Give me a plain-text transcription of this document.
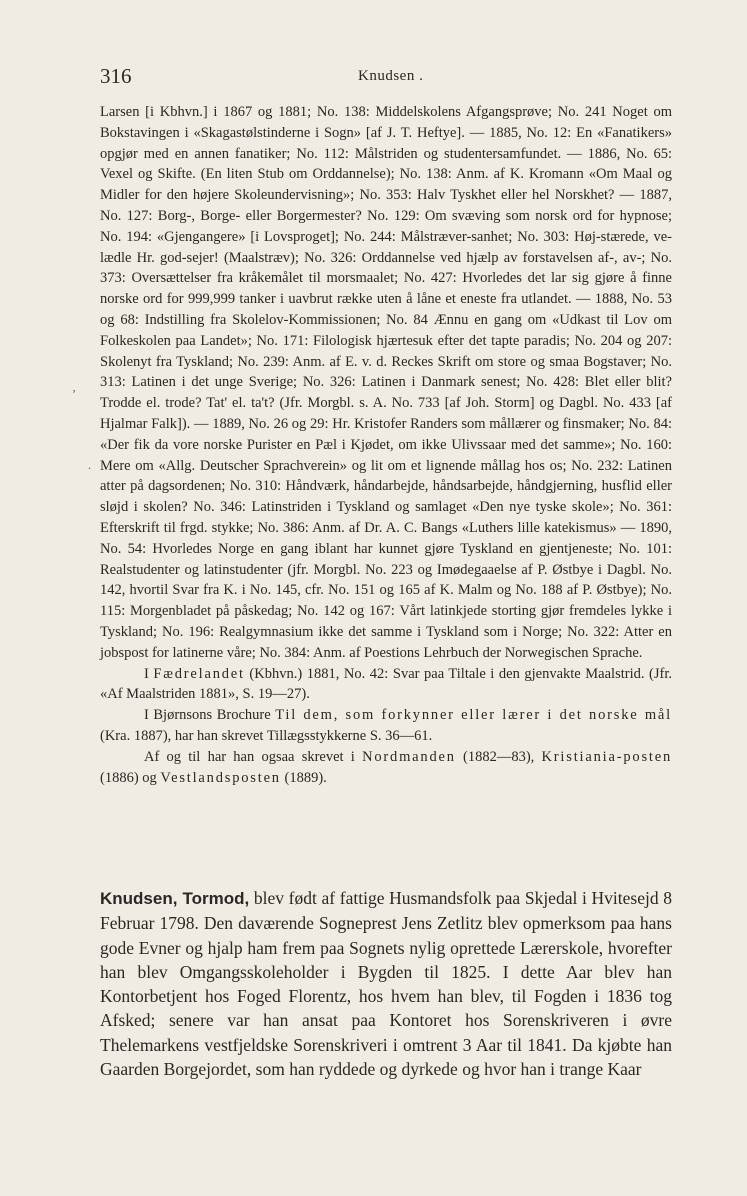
316	Knudsen .

Larsen [i Kbhvn.] i 1867 og 1881; No. 138: Middelskolens Afgangsprøve; No. 241 Noget om Bokstavingen i «Skagastølstinderne i Sogn» [af J. T. Heftye]. — 1885, No. 12: En «Fanatikers» opgjør med en annen fanatiker; No. 112: Målstriden og studentersamfundet. — 1886, No. 65: Vexel og Skifte. (En liten Stub om Orddannelse); No. 138: Anm. af K. Kromann «Om Maal og Midler for den højere Skoleundervisning»; No. 353: Halv Tyskhet eller hel Norskhet? — 1887, No. 127: Borg-, Borge- eller Borgermester? No. 129: Om svæving som norsk ord for hypnose; No. 194: «Gjengangere» [i Lovsproget]; No. 244: Målstræver-sanhet; No. 303: Høj-stærede, ve-lædle Hr. god-sejer! (Maalstræv); No. 326: Orddannelse ved hjælp av forstavelsen af-, av-; No. 373: Oversættelser fra kråkemålet til morsmaalet; No. 427: Hvorledes det lar sig gjøre å finne norske ord for 999,999 tanker i uavbrut række uten å låne et eneste fra utlandet. — 1888, No. 53 og 68: Indstilling fra Skolelov-Kommissionen; No. 84 Ænnu en gang om «Udkast til Lov om Folkeskolen paa Landet»; No. 171: Filologisk hjærtesuk efter det tapte paradis; No. 204 og 207: Skolenyt fra Tyskland; No. 239: Anm. af E. v. d. Reckes Skrift om store og smaa Bogstaver; No. 313: Latinen i det unge Sverige; No. 326: Latinen i Danmark senest; No. 428: Blet eller blit? Trodde el. trode? Tat' el. ta't? (Jfr. Morgbl. s. A. No. 733 [af Joh. Storm] og Dagbl. No. 433 [af Hjalmar Falk]). — 1889, No. 26 og 29: Hr. Kristofer Randers som mållærer og finsmaker; No. 84: «Der fik da vore norske Purister en Pæl i Kjødet, om ikke Ulivssaar med det samme»; No. 160: Mere om «Allg. Deutscher Sprachverein» og lit om et lignende mållag hos os; No. 232: Latinen atter på dagsordenen; No. 310: Håndværk, håndarbejde, håndsarbejde, håndgjerning, husflid eller sløjd i skolen? No. 346: Latinstriden i Tyskland og samlaget «Den nye tyske skole»; No. 361: Efterskrift til frgd. stykke; No. 386: Anm. af Dr. A. C. Bangs «Luthers lille katekismus» — 1890, No. 54: Hvorledes Norge en gang iblant har kunnet gjøre Tyskland en gjentjeneste; No. 101: Realstudenter og latinstudenter (jfr. Morgbl. No. 223 og Imødegaaelse af P. Østbye i Dagbl. No. 142, hvortil Svar fra K. i No. 145, cfr. No. 151 og 165 af K. Malm og No. 188 af P. Østbye); No. 115: Morgenbladet på påskedag; No. 142 og 167: Vårt latinkjede storting gjør fremdeles lykke i Tyskland; No. 196: Realgymnasium ikke det samme i Tyskland som i Norge; No. 322: Atter en jobspost for latinerne våre; No. 384: Anm. af Poestions Lehrbuch der Norwegischen Sprache.

I Fædrelandet (Kbhvn.) 1881, No. 42: Svar paa Tiltale i den gjenvakte Maalstrid. (Jfr. «Af Maalstriden 1881», S. 19—27).

I Bjørnsons Brochure Til dem, som forkynner eller lærer i det norske mål (Kra. 1887), har han skrevet Tillægsstykkerne S. 36—61.

Af og til har han ogsaa skrevet i Nordmanden (1882—83), Kristiania-posten (1886) og Vestlandsposten (1889).

Knudsen, Tormod, blev født af fattige Husmandsfolk paa Skjedal i Hvitesejd 8 Februar 1798. Den daværende Sogneprest Jens Zetlitz blev opmerksom paa hans gode Evner og hjalp ham frem paa Sognets nylig oprettede Lærerskole, hvorefter han blev Omgangsskoleholder i Bygden til 1825. I dette Aar blev han Kontorbetjent hos Foged Florentz, hos hvem han blev, til Fogden i 1836 tog Afsked; senere var han ansat paa Kontoret hos Sorenskriveren i øvre Thelemarkens vestfjeldske Sorenskriveri i omtrent 3 Aar til 1841. Da kjøbte han Gaarden Borgejordet, som han ryddede og dyrkede og hvor han i trange Kaar

‚
.
